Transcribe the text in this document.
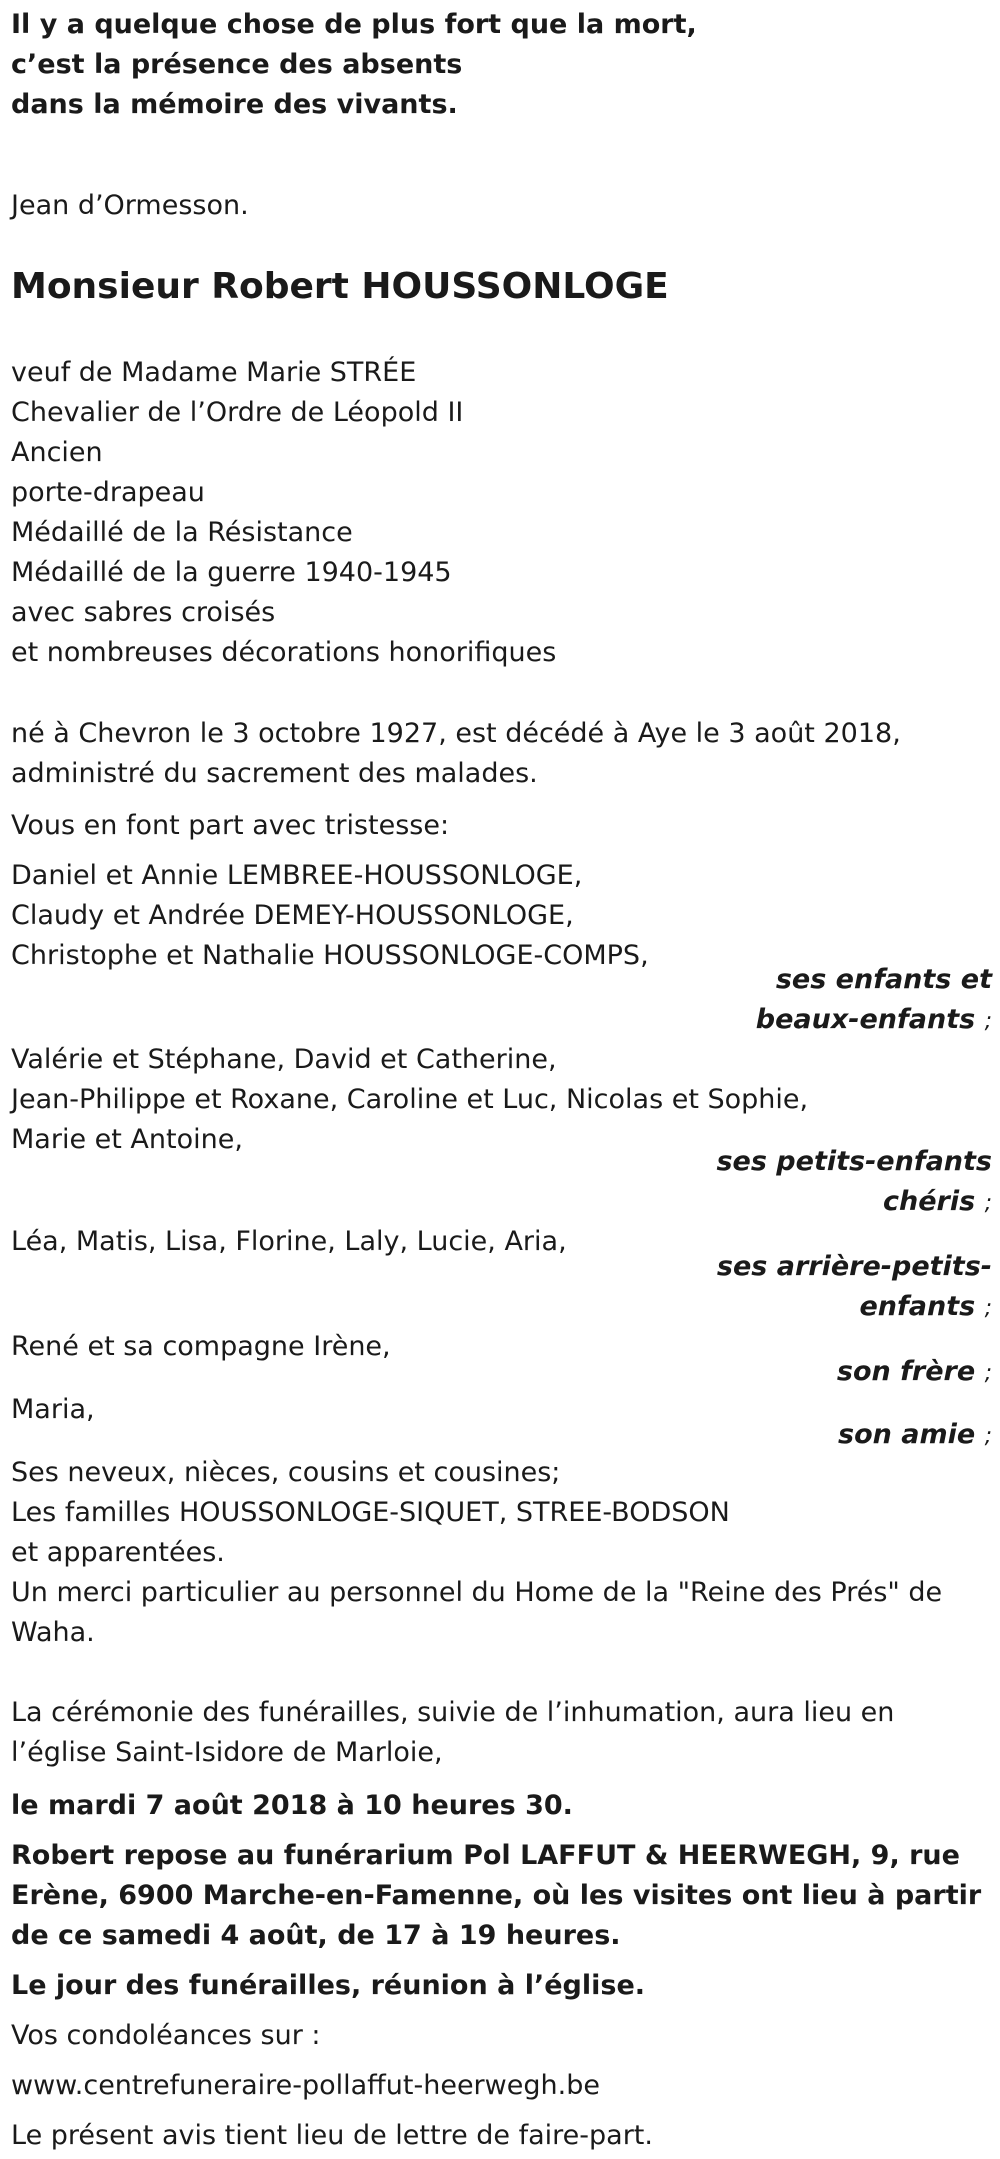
Il y a quelque chose de plus fort que la mort,
c’est la présence des absents
dans la mémoire des vivants.
Jean d’Ormesson.
Monsieur Robert HOUSSONLOGE
veuf de Madame Marie STRÉE
Chevalier de l’Ordre de Léopold II
Ancien
porte-drapeau
Médaillé de la Résistance
Médaillé de la guerre 1940-1945
avec sabres croisés
et nombreuses décorations honorifiques
né à Chevron le 3 octobre 1927, est décédé à Aye le 3 août 2018,
administré du sacrement des malades.
Vous en font part avec tristesse:
Daniel et Annie LEMBREE-HOUSSONLOGE,
Claudy et Andrée DEMEY-HOUSSONLOGE,
Christophe et Nathalie HOUSSONLOGE-COMPS,
ses enfants et
beaux-enfants ;
Valérie et Stéphane, David et Catherine,
Jean-Philippe et Roxane, Caroline et Luc, Nicolas et Sophie,
Marie et Antoine,
ses petits-enfants
chéris ;
Léa, Matis, Lisa, Florine, Laly, Lucie, Aria,
ses arrière-petits-
enfants ;
René et sa compagne Irène,
son frère ;
Maria,
son amie ;
Ses neveux, nièces, cousins et cousines;
Les familles HOUSSONLOGE-SIQUET, STREE-BODSON
et apparentées.
Un merci particulier au personnel du Home de la "Reine des Prés" de Waha.
La cérémonie des funérailles, suivie de l’inhumation, aura lieu en l’église Saint-Isidore de Marloie,
le mardi 7 août 2018 à 10 heures 30.
Robert repose au funérarium Pol LAFFUT & HEERWEGH, 9, rue Erène, 6900 Marche-en-Famenne, où les visites ont lieu à partir de ce samedi 4 août, de 17 à 19 heures.
Le jour des funérailles, réunion à l’église.
Vos condoléances sur :
www.centrefuneraire-pollaffut-heerwegh.be
Le présent avis tient lieu de lettre de faire-part.
